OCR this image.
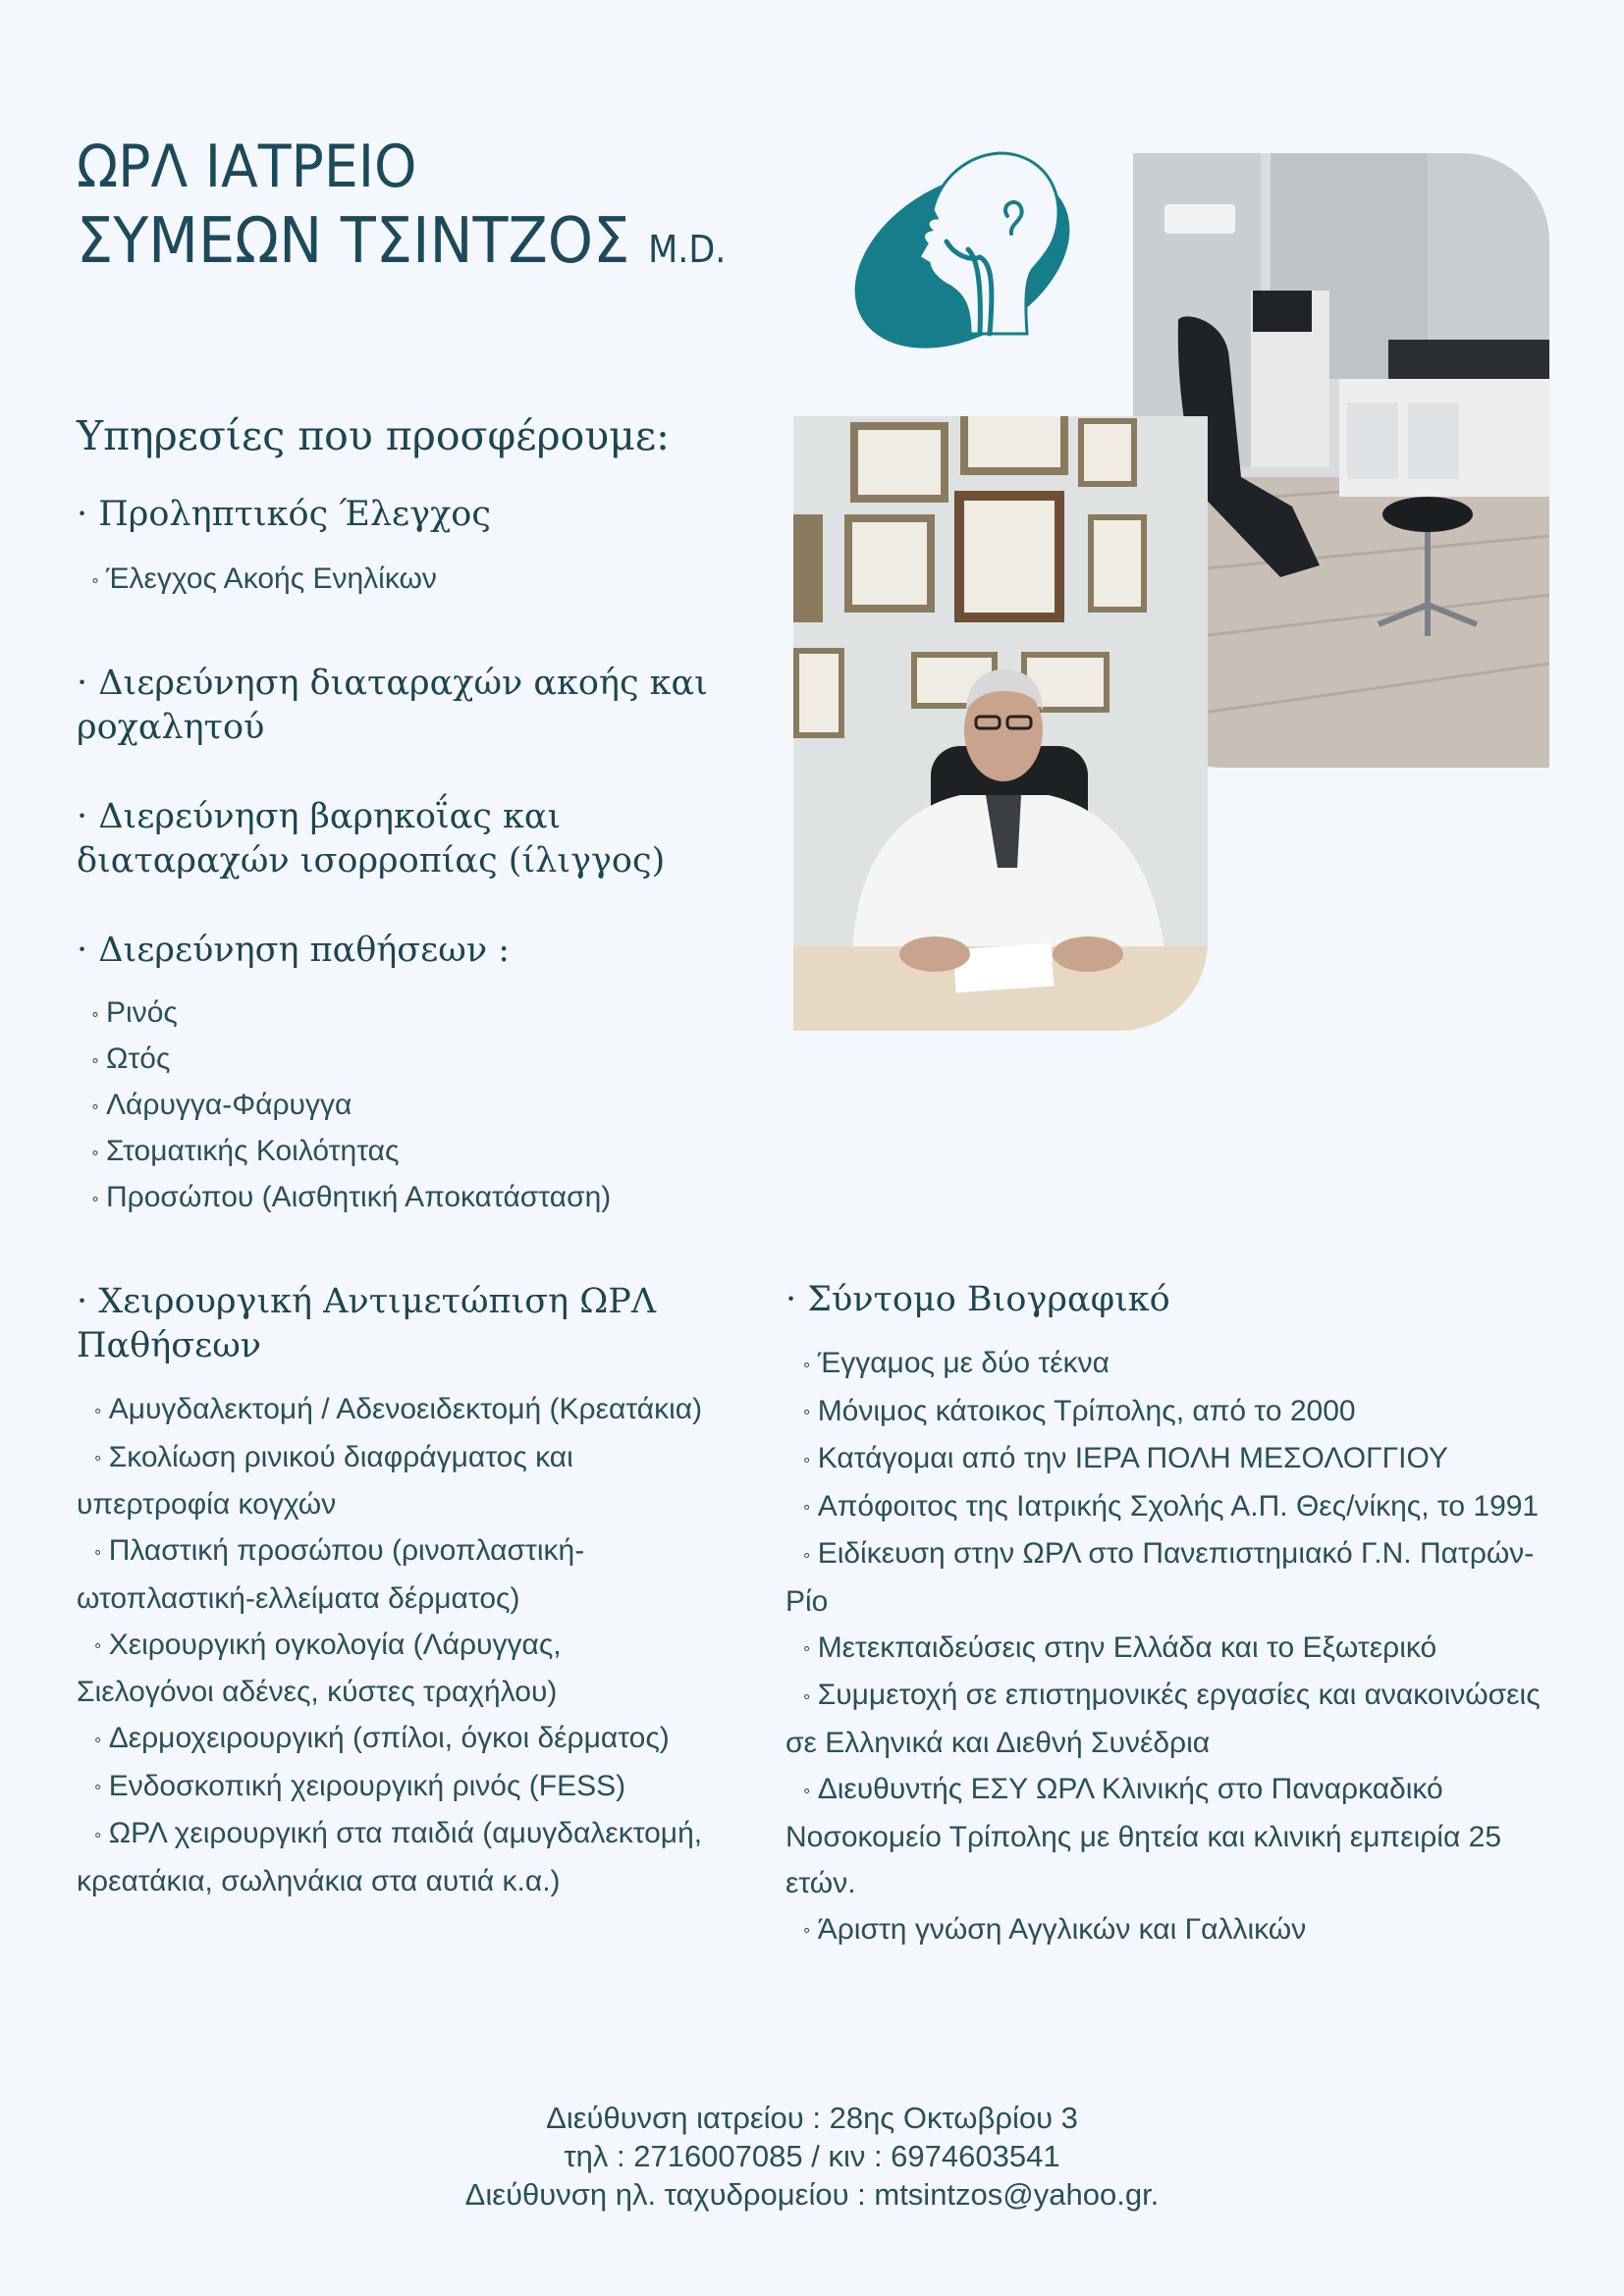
ΩΡΛ ΙΑΤΡΕΙΟ
ΣΥΜΕΩΝ ΤΣΙΝΤΖΟΣ M.D.
Υπηρεσίες που προσφέρουμε:
· Προληπτικός Έλεγχος
∘ Έλεγχος Ακοής Ενηλίκων
· Διερεύνηση διαταραχών ακοής και ροχαλητού
· Διερεύνηση βαρηκοΐας και διαταραχών ισορροπίας (ίλιγγος)
· Διερεύνηση παθήσεων :
∘ Ρινός
∘ Ωτός
∘ Λάρυγγα-Φάρυγγα
∘ Στοματικής Κοιλότητας
∘ Προσώπου (Αισθητική Αποκατάσταση)
· Χειρουργική Αντιμετώπιση ΩΡΛ Παθήσεων
∘ Αμυγδαλεκτομή / Αδενοειδεκτομή (Κρεατάκια)
∘ Σκολίωση ρινικού διαφράγματος και υπερτροφία κογχών
∘ Πλαστική προσώπου (ρινοπλαστική-ωτοπλαστική-ελλείματα δέρματος)
∘ Χειρουργική ογκολογία (Λάρυγγας, Σιελογόνοι αδένες, κύστες τραχήλου)
∘ Δερμοχειρουργική (σπίλοι, όγκοι δέρματος)
∘ Ενδοσκοπική χειρουργική ρινός (FESS)
∘ ΩΡΛ χειρουργική στα παιδιά (αμυγδαλεκτομή, κρεατάκια, σωληνάκια στα αυτιά κ.α.)
· Σύντομο Βιογραφικό
∘ Έγγαμος με δύο τέκνα
∘ Μόνιμος κάτοικος Τρίπολης, από το 2000
∘ Κατάγομαι από την ΙΕΡΑ ΠΟΛΗ ΜΕΣΟΛΟΓΓΙΟΥ
∘ Απόφοιτος της Ιατρικής Σχολής Α.Π. Θες/νίκης, το 1991
∘ Ειδίκευση στην ΩΡΛ στο Πανεπιστημιακό Γ.Ν. Πατρών-Ρίο
∘ Μετεκπαιδεύσεις στην Ελλάδα και το Εξωτερικό
∘ Συμμετοχή σε επιστημονικές εργασίες και ανακοινώσεις σε Ελληνικά και Διεθνή Συνέδρια
∘ Διευθυντής ΕΣΥ ΩΡΛ Κλινικής στο Παναρκαδικό Νοσοκομείο Τρίπολης με θητεία και κλινική εμπειρία 25 ετών.
∘ Άριστη γνώση Αγγλικών και Γαλλικών
Διεύθυνση ιατρείου : 28ης Οκτωβρίου 3
τηλ : 2716007085 / κιν : 6974603541
Διεύθυνση ηλ. ταχυδρομείου : mtsintzos@yahoo.gr.
